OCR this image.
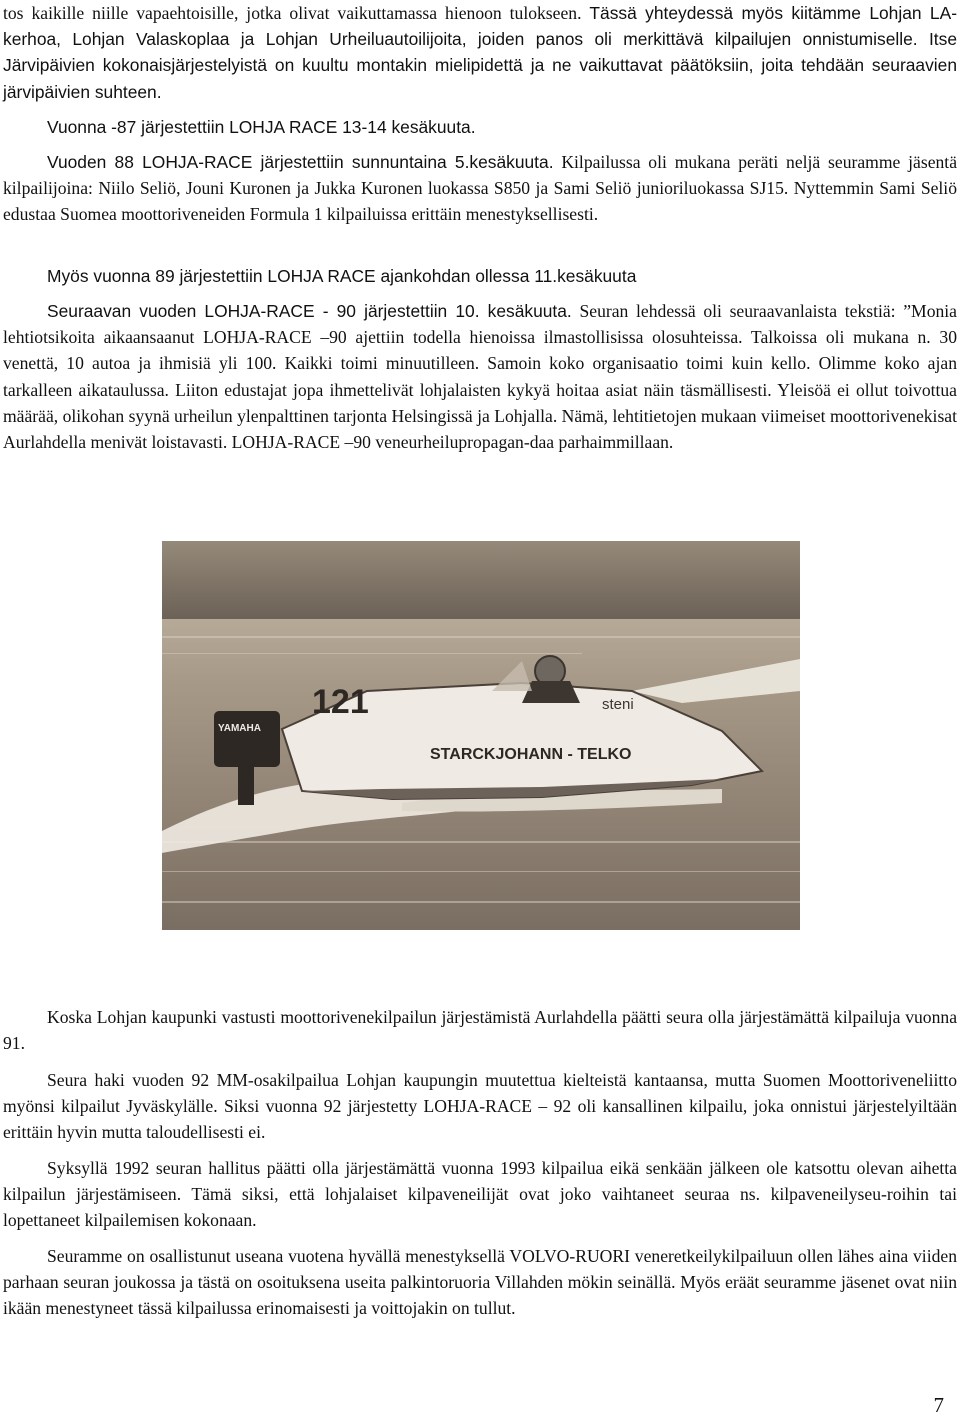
tos kaikille niille vapaehtoisille, jotka olivat vaikuttamassa hienoon tulokseen. Tässä yhteydessä myös kiitämme Lohjan LA-kerhoa, Lohjan Valaskoplaa ja Lohjan Urheiluautoilijoita, joiden panos oli merkittävä kilpailujen onnistumiselle. Itse Järvipäivien kokonaisjärjestelyistä on kuultu montakin mielipidettä ja ne vaikuttavat päätöksiin, joita tehdään seuraavien järvipäivien suhteen.

Vuonna -87 järjestettiin LOHJA RACE 13-14 kesäkuuta.

Vuoden 88 LOHJA-RACE järjestettiin sunnuntaina 5.kesäkuuta. Kilpailussa oli mukana peräti neljä seuramme jäsentä kilpailijoina: Niilo Seliö, Jouni Kuronen ja Jukka Kuronen luokassa S850 ja Sami Seliö junioriluokassa SJ15. Nyttemmin Sami Seliö edustaa Suomea moottoriveneiden Formula 1 kilpailuissa erittäin menestyksellisesti.

Myös vuonna 89 järjestettiin LOHJA RACE ajankohdan ollessa 11.kesäkuuta

Seuraavan vuoden LOHJA-RACE - 90 järjestettiin 10. kesäkuuta. Seuran lehdessä oli seuraavanlaista tekstiä: ”Monia lehtiotsikoita aikaansaanut LOHJA-RACE –90 ajettiin todella hienoissa ilmastollisissa olosuhteissa. Talkoissa oli mukana n. 30 venettä, 10 autoa ja ihmisiä yli 100. Kaikki toimi minuutilleen. Samoin koko organisaatio toimi kuin kello. Olimme koko ajan tarkalleen aikataulussa. Liiton edustajat jopa ihmettelivät lohjalaisten kykyä hoitaa asiat näin täsmällisesti. Yleisöä ei ollut toivottua määrää, olikohan syynä urheilun ylenpalttinen tarjonta Helsingissä ja Lohjalla. Nämä, lehtitietojen mukaan viimeiset moottorivenekisat Aurlahdella menivät loistavasti. LOHJA-RACE –90 veneurheilupropagan-daa parhaimmillaan.

YAMAHA
121	steni
STARCKJOHANN - TELKO

Koska Lohjan kaupunki vastusti moottorivenekilpailun järjestämistä Aurlahdella päätti seura olla järjestämättä kilpailuja vuonna 91.

Seura haki vuoden 92 MM-osakilpailua Lohjan kaupungin muutettua kielteistä kantaansa, mutta Suomen Moottoriveneliitto myönsi kilpailut Jyväskylälle. Siksi vuonna 92 järjestetty LOHJA-RACE – 92 oli kansallinen kilpailu, joka onnistui järjestelyiltään erittäin hyvin mutta taloudellisesti ei.

Syksyllä 1992 seuran hallitus päätti olla järjestämättä vuonna 1993 kilpailua eikä senkään jälkeen ole katsottu olevan aihetta kilpailun järjestämiseen. Tämä siksi, että lohjalaiset kilpaveneilijät ovat joko vaihtaneet seuraa ns. kilpaveneilyseu-roihin tai lopettaneet kilpailemisen kokonaan.

Seuramme on osallistunut useana vuotena hyvällä menestyksellä VOLVO-RUORI veneretkeilykilpailuun ollen lähes aina viiden parhaan seuran joukossa ja tästä on osoituksena useita palkintoruoria Villahden mökin seinällä. Myös eräät seuramme jäsenet ovat niin ikään menestyneet tässä kilpailussa erinomaisesti ja voittojakin on tullut.

7
